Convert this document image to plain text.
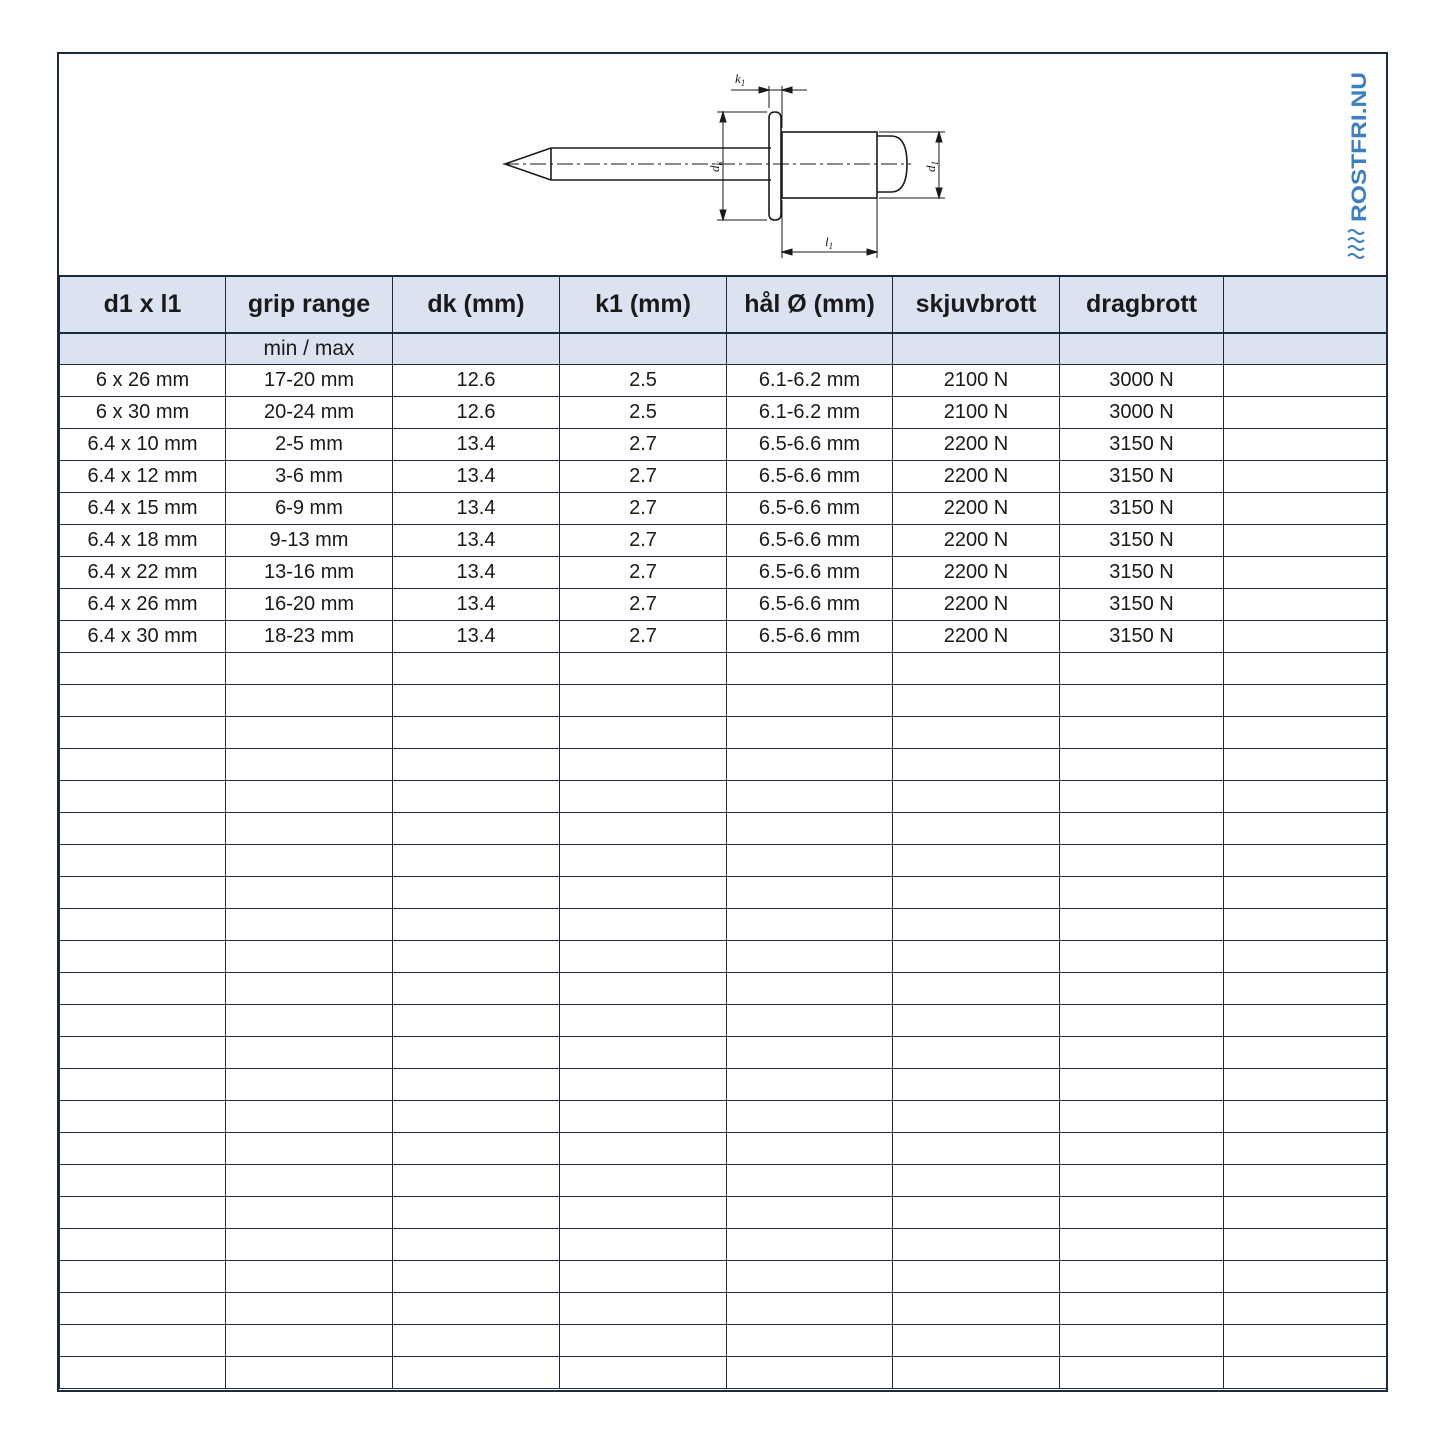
$k_1$
$d_k$
$d_1$
$l_1$
ROSTFRI.NU
d1 x l1	grip range	dk (mm)	k1 (mm)	hål Ø (mm)	skjuvbrott	dragbrott	
	min / max						
6 x 26 mm	17-20 mm	12.6	2.5	6.1-6.2 mm	2100 N	3000 N	
6 x 30 mm	20-24 mm	12.6	2.5	6.1-6.2 mm	2100 N	3000 N	
6.4 x 10 mm	2-5 mm	13.4	2.7	6.5-6.6 mm	2200 N	3150 N	
6.4 x 12 mm	3-6 mm	13.4	2.7	6.5-6.6 mm	2200 N	3150 N	
6.4 x 15 mm	6-9 mm	13.4	2.7	6.5-6.6 mm	2200 N	3150 N	
6.4 x 18 mm	9-13 mm	13.4	2.7	6.5-6.6 mm	2200 N	3150 N	
6.4 x 22 mm	13-16 mm	13.4	2.7	6.5-6.6 mm	2200 N	3150 N	
6.4 x 26 mm	16-20 mm	13.4	2.7	6.5-6.6 mm	2200 N	3150 N	
6.4 x 30 mm	18-23 mm	13.4	2.7	6.5-6.6 mm	2200 N	3150 N	
